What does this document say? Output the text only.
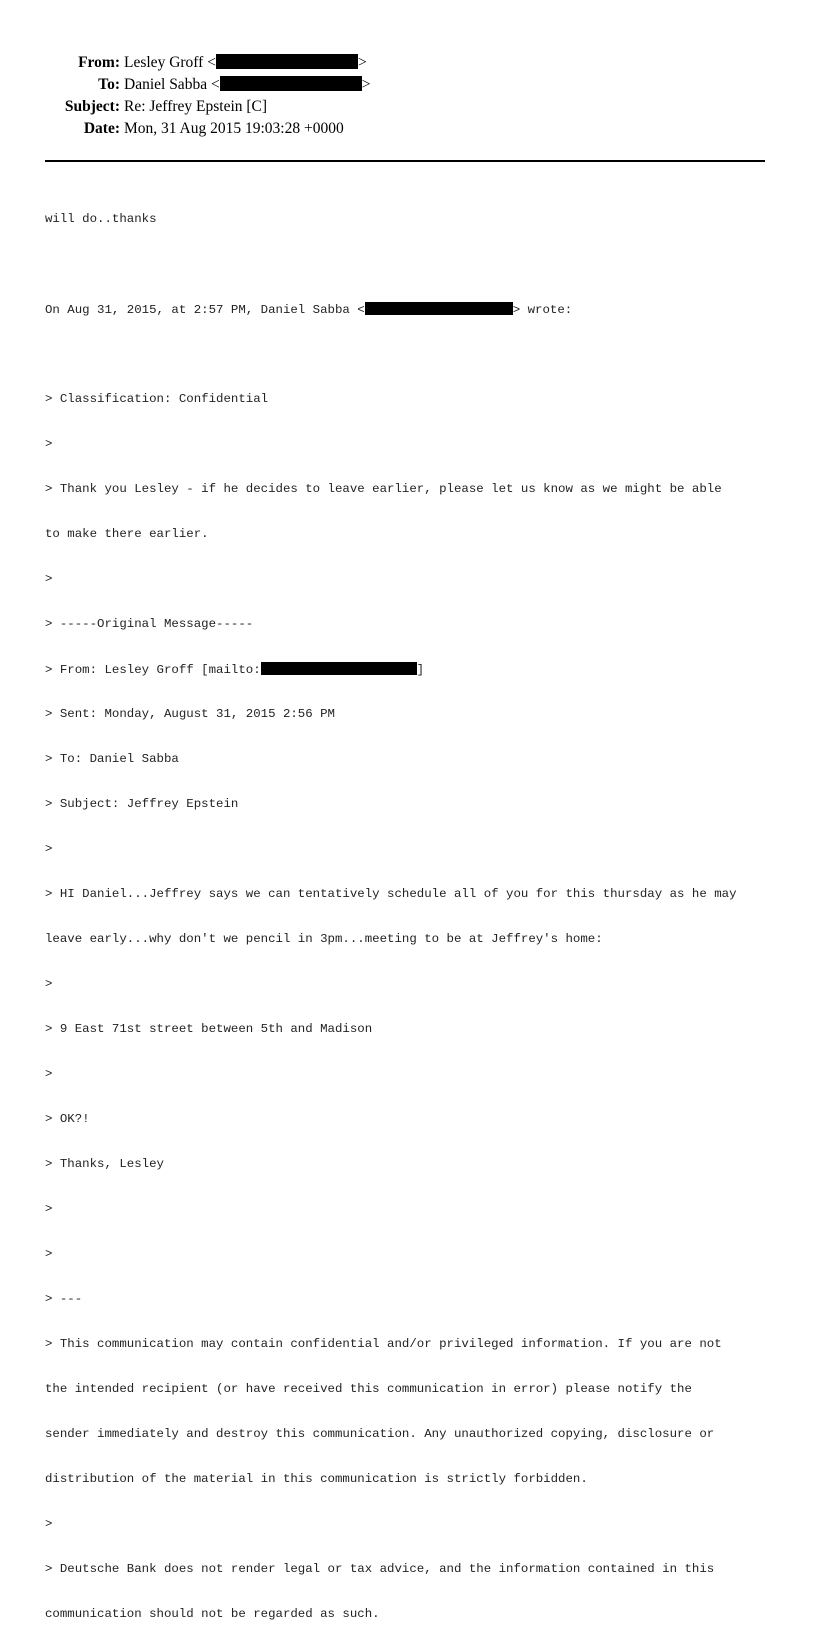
From: Lesley Groff <	>
To: Daniel Sabba <	>
Subject: Re: Jeffrey Epstein [C]
Date: Mon, 31 Aug 2015 19:03:28 +0000

will do..thanks

On Aug 31, 2015, at 2:57 PM, Daniel Sabba <	> wrote:

> Classification: Confidential

>

> Thank you Lesley - if he decides to leave earlier, please let us know as we might be able

to make there earlier.

>

> -----Original Message-----

> From: Lesley Groff [mailto:	]

> Sent: Monday, August 31, 2015 2:56 PM

> To: Daniel Sabba

> Subject: Jeffrey Epstein

>

> HI Daniel...Jeffrey says we can tentatively schedule all of you for this thursday as he may

leave early...why don't we pencil in 3pm...meeting to be at Jeffrey's home:

>

> 9 East 71st street between 5th and Madison

>

> OK?!

> Thanks, Lesley

>

>

> ---

> This communication may contain confidential and/or privileged information. If you are not

the intended recipient (or have received this communication in error) please notify the

sender immediately and destroy this communication. Any unauthorized copying, disclosure or

distribution of the material in this communication is strictly forbidden.

>

> Deutsche Bank does not render legal or tax advice, and the information contained in this

communication should not be regarded as such.
